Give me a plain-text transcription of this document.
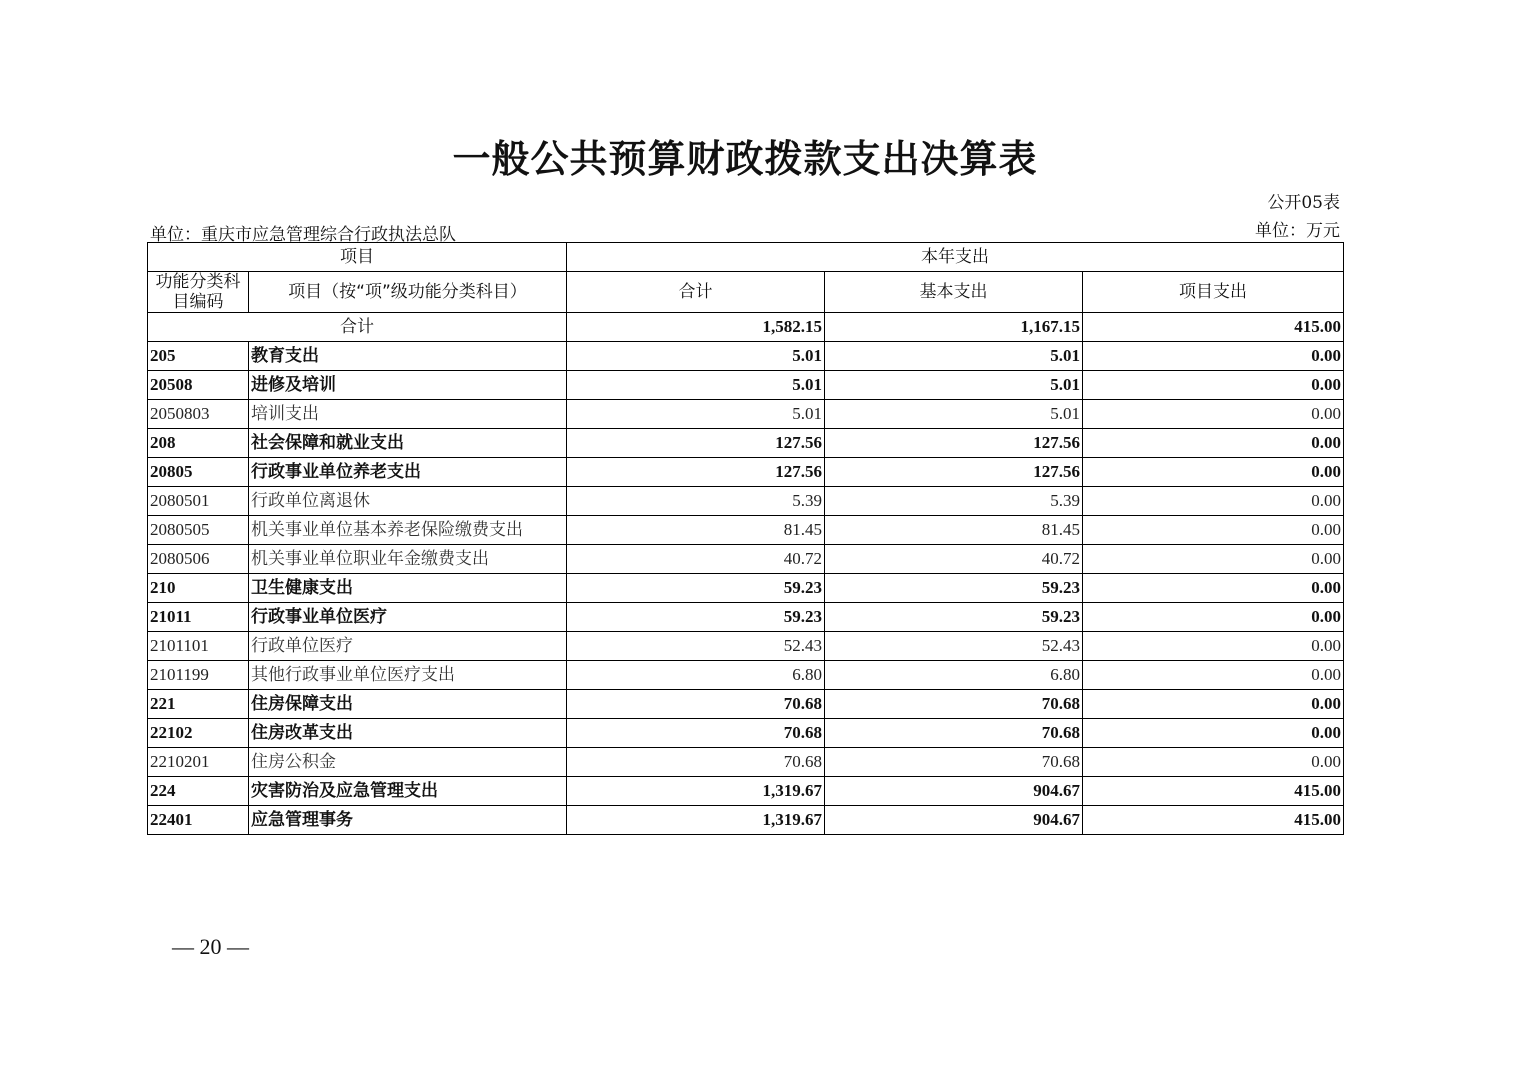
一般公共预算财政拨款支出决算表
公开05表
单位：万元
单位：重庆市应急管理综合行政执法总队
项目		本年支出		
功能分类科目编码	项目（按“项”级功能分类科目）	合计	基本支出	项目支出
合计		1,582.15	1,167.15	415.00
205	教育支出	5.01	5.01	0.00
20508	进修及培训	5.01	5.01	0.00
2050803	培训支出	5.01	5.01	0.00
208	社会保障和就业支出	127.56	127.56	0.00
20805	行政事业单位养老支出	127.56	127.56	0.00
2080501	行政单位离退休	5.39	5.39	0.00
2080505	机关事业单位基本养老保险缴费支出	81.45	81.45	0.00
2080506	机关事业单位职业年金缴费支出	40.72	40.72	0.00
210	卫生健康支出	59.23	59.23	0.00
21011	行政事业单位医疗	59.23	59.23	0.00
2101101	行政单位医疗	52.43	52.43	0.00
2101199	其他行政事业单位医疗支出	6.80	6.80	0.00
221	住房保障支出	70.68	70.68	0.00
22102	住房改革支出	70.68	70.68	0.00
2210201	住房公积金	70.68	70.68	0.00
224	灾害防治及应急管理支出	1,319.67	904.67	415.00
22401	应急管理事务	1,319.67	904.67	415.00
— 20 —
